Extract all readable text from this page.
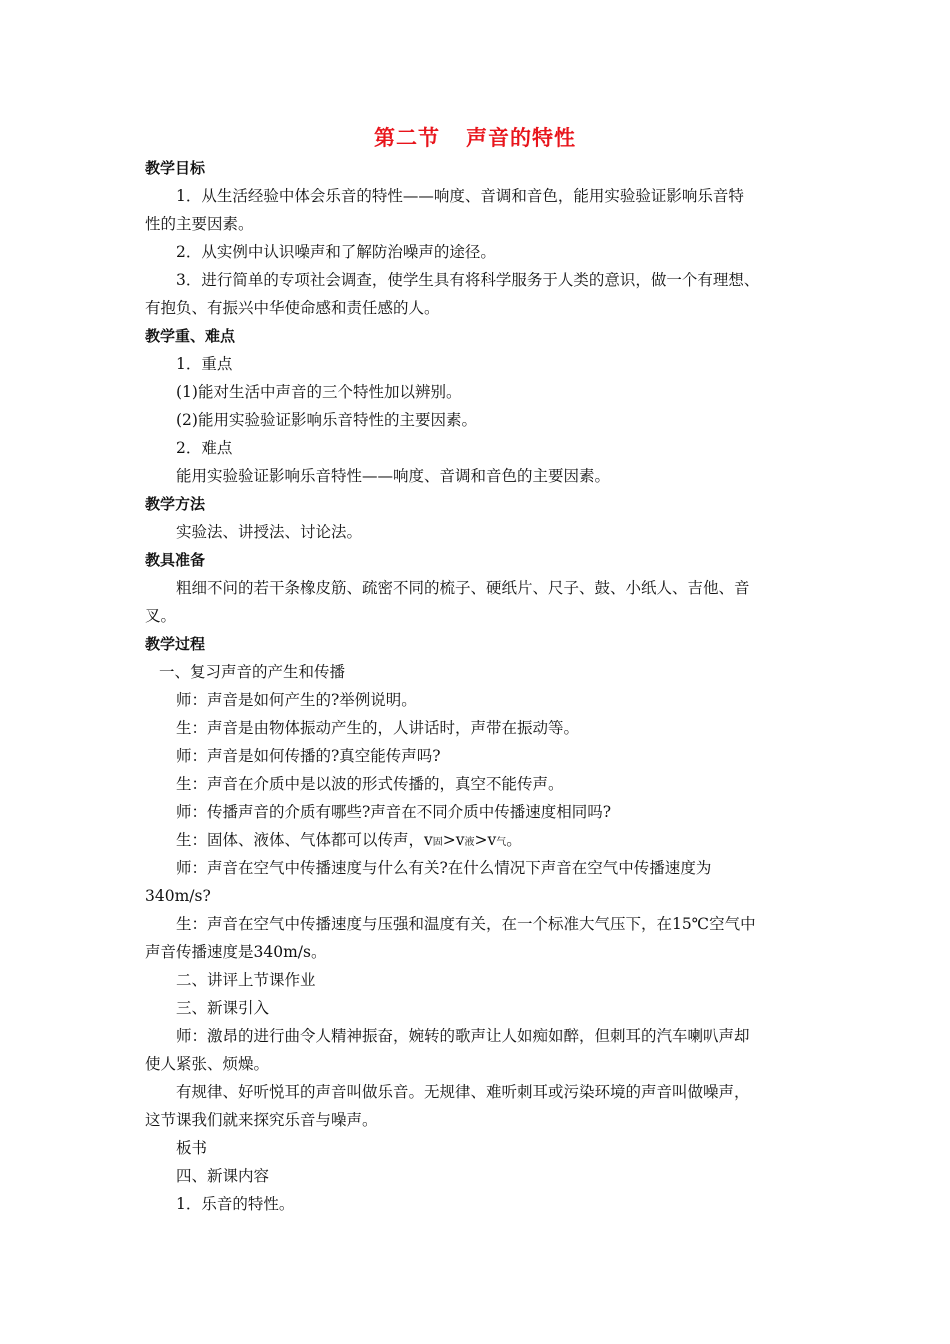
第二节 声音的特性
教学目标
1．从生活经验中体会乐音的特性——响度、音调和音色，能用实验验证影响乐音特
性的主要因素。
2．从实例中认识噪声和了解防治噪声的途径。
3．进行简单的专项社会调查，使学生具有将科学服务于人类的意识，做一个有理想、
有抱负、有振兴中华使命感和责任感的人。
教学重、难点
1．重点
(1)能对生活中声音的三个特性加以辨别。
(2)能用实验验证影响乐音特性的主要因素。
2．难点
能用实验验证影响乐音特性——响度、音调和音色的主要因素。
教学方法
实验法、讲授法、讨论法。
教具准备
粗细不问的若干条橡皮筋、疏密不同的梳子、硬纸片、尺子、鼓、小纸人、吉他、音
叉。
教学过程
一、复习声音的产生和传播
师：声音是如何产生的?举例说明。
生：声音是由物体振动产生的，人讲话时，声带在振动等。
师：声音是如何传播的?真空能传声吗?
生：声音在介质中是以波的形式传播的，真空不能传声。
师：传播声音的介质有哪些?声音在不同介质中传播速度相同吗?
生：固体、液体、气体都可以传声，v固>v液>v气。
师：声音在空气中传播速度与什么有关?在什么情况下声音在空气中传播速度为
340m/s?
生：声音在空气中传播速度与压强和温度有关，在一个标准大气压下，在15℃空气中
声音传播速度是340m/s。
二、讲评上节课作业
三、新课引入
师：激昂的进行曲令人精神振奋，婉转的歌声让人如痴如醉，但刺耳的汽车喇叭声却
使人紧张、烦燥。
有规律、好听悦耳的声音叫做乐音。无规律、难听刺耳或污染环境的声音叫做噪声，
这节课我们就来探究乐音与噪声。
板书
四、新课内容
1．乐音的特性。
